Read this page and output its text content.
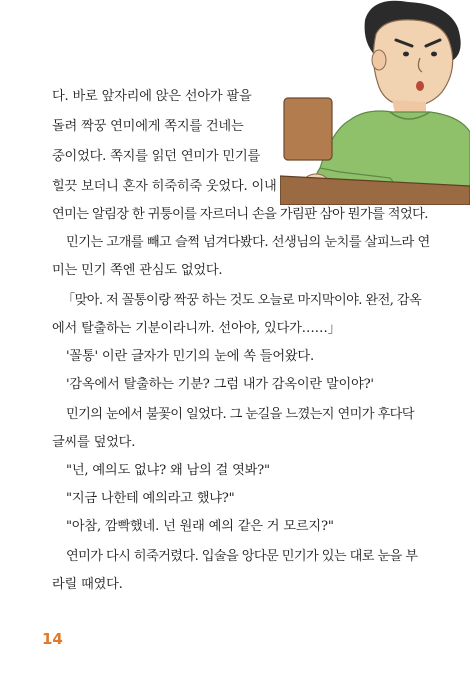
다. 바로 앞자리에 앉은 선아가 팔을
돌려 짝꿍 연미에게 쪽지를 건네는
중이었다. 쪽지를 읽던 연미가 민기를
힐끗 보더니 혼자 히죽히죽 웃었다. 이내
연미는 알림장 한 귀퉁이를 자르더니 손을 가림판 삼아 뭔가를 적었다.
민기는 고개를 빼고 슬쩍 넘겨다봤다. 선생님의 눈치를 살피느라 연
미는 민기 쪽엔 관심도 없었다.
「맞아. 저 꼴통이랑 짝꿍 하는 것도 오늘로 마지막이야. 완전, 감옥
에서 탈출하는 기분이라니까. 선아야, 있다가……」
'꼴통' 이란 글자가 민기의 눈에 쏙 들어왔다.
'감옥에서 탈출하는 기분? 그럼 내가 감옥이란 말이야?'
민기의 눈에서 불꽃이 일었다. 그 눈길을 느꼈는지 연미가 후다닥
글씨를 덮었다.
"넌, 예의도 없냐? 왜 남의 걸 엿봐?"
"지금 나한테 예의라고 했냐?"
"아참, 깜빡했네. 넌 원래 예의 같은 거 모르지?"
연미가 다시 히죽거렸다. 입술을 앙다문 민기가 있는 대로 눈을 부
라릴 때였다.
14
